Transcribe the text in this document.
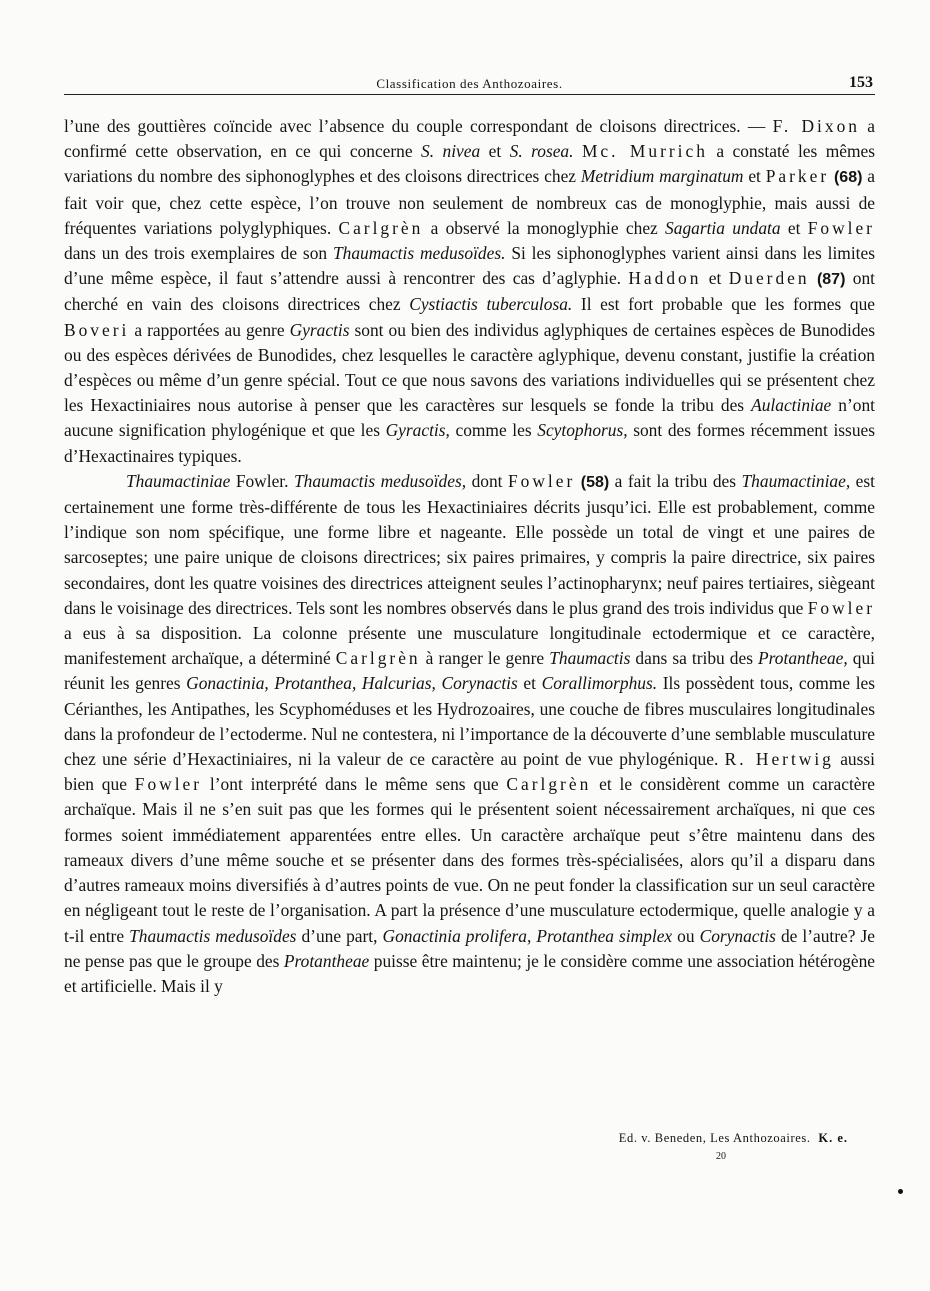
Classification des Anthozoaires.	153

l’une des gouttières coïncide avec l’absence du couple correspondant de cloisons directrices. — F. Dixon a confirmé cette observation, en ce qui concerne S. nivea et S. rosea. Mc. Murrich a constaté les mêmes variations du nombre des siphonoglyphes et des cloisons directrices chez Metridium marginatum et Parker (68) a fait voir que, chez cette espèce, l’on trouve non seulement de nombreux cas de monoglyphie, mais aussi de fréquentes variations polyglyphiques. Carlgrèn a observé la monoglyphie chez Sagartia undata et Fowler dans un des trois exemplaires de son Thaumactis medusoïdes. Si les siphonoglyphes varient ainsi dans les limites d’une même espèce, il faut s’attendre aussi à rencontrer des cas d’aglyphie. Haddon et Duerden (87) ont cherché en vain des cloisons directrices chez Cystiactis tuberculosa. Il est fort probable que les formes que Boveri a rapportées au genre Gyractis sont ou bien des individus aglyphiques de certaines espèces de Bunodides ou des espèces dérivées de Bunodides, chez lesquelles le caractère aglyphique, devenu constant, justifie la création d’espèces ou même d’un genre spécial. Tout ce que nous savons des variations individuelles qui se présentent chez les Hexactiniaires nous autorise à penser que les caractères sur lesquels se fonde la tribu des Aulactiniae n’ont aucune signification phylogénique et que les Gyractis, comme les Scytophorus, sont des formes récemment issues d’Hexactinaires typiques.

Thaumactiniae Fowler. Thaumactis medusoïdes, dont Fowler (58) a fait la tribu des Thaumactiniae, est certainement une forme très-différente de tous les Hexactiniaires décrits jusqu’ici. Elle est probablement, comme l’indique son nom spécifique, une forme libre et nageante. Elle possède un total de vingt et une paires de sarcoseptes; une paire unique de cloisons directrices; six paires primaires, y compris la paire directrice, six paires secondaires, dont les quatre voisines des directrices atteignent seules l’actinopharynx; neuf paires tertiaires, siègeant dans le voisinage des directrices. Tels sont les nombres observés dans le plus grand des trois individus que Fowler a eus à sa disposition. La colonne présente une musculature longitudinale ectodermique et ce caractère, manifestement archaïque, a déterminé Carlgrèn à ranger le genre Thaumactis dans sa tribu des Protantheae, qui réunit les genres Gonactinia, Protanthea, Halcurias, Corynactis et Corallimorphus. Ils possèdent tous, comme les Cérianthes, les Antipathes, les Scyphoméduses et les Hydrozoaires, une couche de fibres musculaires longitudinales dans la profondeur de l’ectoderme. Nul ne contestera, ni l’importance de la découverte d’une semblable musculature chez une série d’Hexactiniaires, ni la valeur de ce caractère au point de vue phylogénique. R. Hertwig aussi bien que Fowler l’ont interprété dans le même sens que Carlgrèn et le considèrent comme un caractère archaïque. Mais il ne s’en suit pas que les formes qui le présentent soient nécessairement archaïques, ni que ces formes soient immédiatement apparentées entre elles. Un caractère archaïque peut s’être maintenu dans des rameaux divers d’une même souche et se présenter dans des formes très-spécialisées, alors qu’il a disparu dans d’autres rameaux moins diversifiés à d’autres points de vue. On ne peut fonder la classification sur un seul caractère en négligeant tout le reste de l’organisation. A part la présence d’une musculature ectodermique, quelle analogie y a t-il entre Thaumactis medusoïdes d’une part, Gonactinia prolifera, Protanthea simplex ou Corynactis de l’autre? Je ne pense pas que le groupe des Protantheae puisse être maintenu; je le considère comme une association hétérogène et artificielle. Mais il y

Ed. v. Beneden, Les Anthozoaires. K. e.
20
